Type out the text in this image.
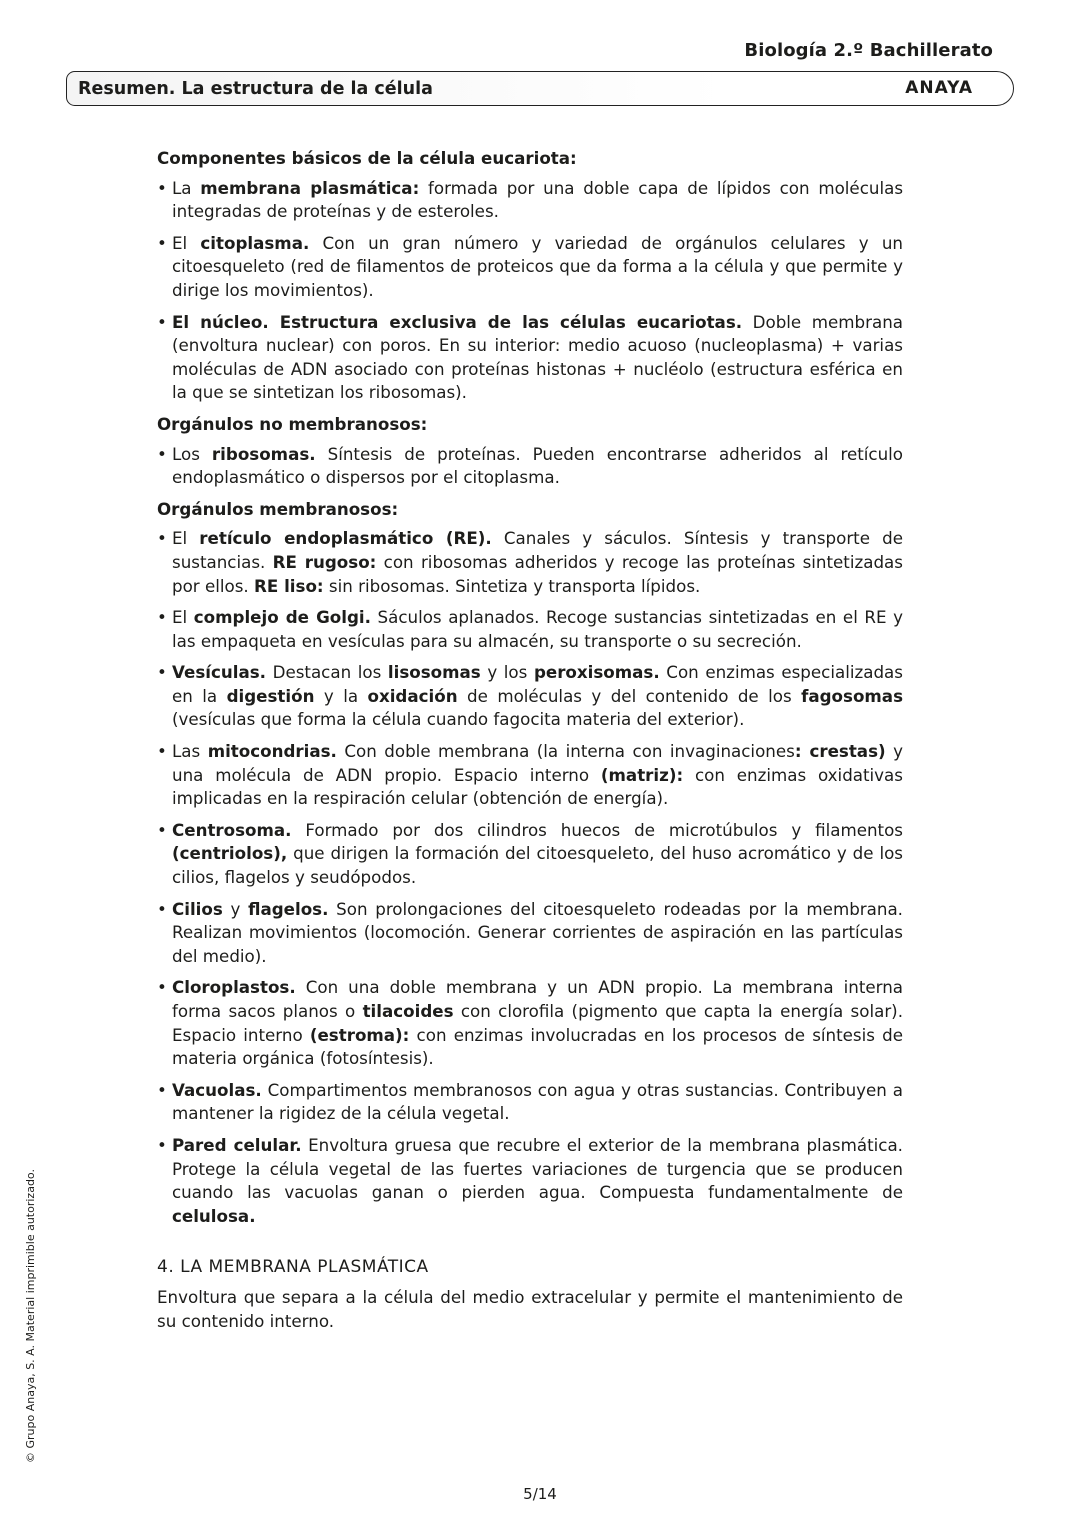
Biología 2.º Bachillerato
Resumen. La estructura de la célula	ANAYA
Componentes básicos de la célula eucariota:
• La membrana plasmática: formada por una doble capa de lípidos con moléculas integradas de proteínas y de esteroles.
• El citoplasma. Con un gran número y variedad de orgánulos celulares y un citoesqueleto (red de filamentos de proteicos que da forma a la célula y que permite y dirige los movimientos).
• El núcleo. Estructura exclusiva de las células eucariotas. Doble membrana (envoltura nuclear) con poros. En su interior: medio acuoso (nucleoplasma) + varias moléculas de ADN asociado con proteínas histonas + nucléolo (estructura esférica en la que se sintetizan los ribosomas).
Orgánulos no membranosos:
• Los ribosomas. Síntesis de proteínas. Pueden encontrarse adheridos al retículo endoplasmático o dispersos por el citoplasma.
Orgánulos membranosos:
• El retículo endoplasmático (RE). Canales y sáculos. Síntesis y transporte de sustancias. RE rugoso: con ribosomas adheridos y recoge las proteínas sintetizadas por ellos. RE liso: sin ribosomas. Sintetiza y transporta lípidos.
• El complejo de Golgi. Sáculos aplanados. Recoge sustancias sintetizadas en el RE y las empaqueta en vesículas para su almacén, su transporte o su secreción.
• Vesículas. Destacan los lisosomas y los peroxisomas. Con enzimas especializadas en la digestión y la oxidación de moléculas y del contenido de los fagosomas (vesículas que forma la célula cuando fagocita materia del exterior).
• Las mitocondrias. Con doble membrana (la interna con invaginaciones: crestas) y una molécula de ADN propio. Espacio interno (matriz): con enzimas oxidativas implicadas en la respiración celular (obtención de energía).
• Centrosoma. Formado por dos cilindros huecos de microtúbulos y filamentos (centriolos), que dirigen la formación del citoesqueleto, del huso acromático y de los cilios, flagelos y seudópodos.
• Cilios y flagelos. Son prolongaciones del citoesqueleto rodeadas por la membrana. Realizan movimientos (locomoción. Generar corrientes de aspiración en las partículas del medio).
• Cloroplastos. Con una doble membrana y un ADN propio. La membrana interna forma sacos planos o tilacoides con clorofila (pigmento que capta la energía solar). Espacio interno (estroma): con enzimas involucradas en los procesos de síntesis de materia orgánica (fotosíntesis).
• Vacuolas. Compartimentos membranosos con agua y otras sustancias. Contribuyen a mantener la rigidez de la célula vegetal.
• Pared celular. Envoltura gruesa que recubre el exterior de la membrana plasmática. Protege la célula vegetal de las fuertes variaciones de turgencia que se producen cuando las vacuolas ganan o pierden agua. Compuesta fundamentalmente de celulosa.
4. LA MEMBRANA PLASMÁTICA

Envoltura que separa a la célula del medio extracelular y permite el mantenimiento de su contenido interno.

© Grupo Anaya, S. A. Material imprimible autorizado.
5/14
